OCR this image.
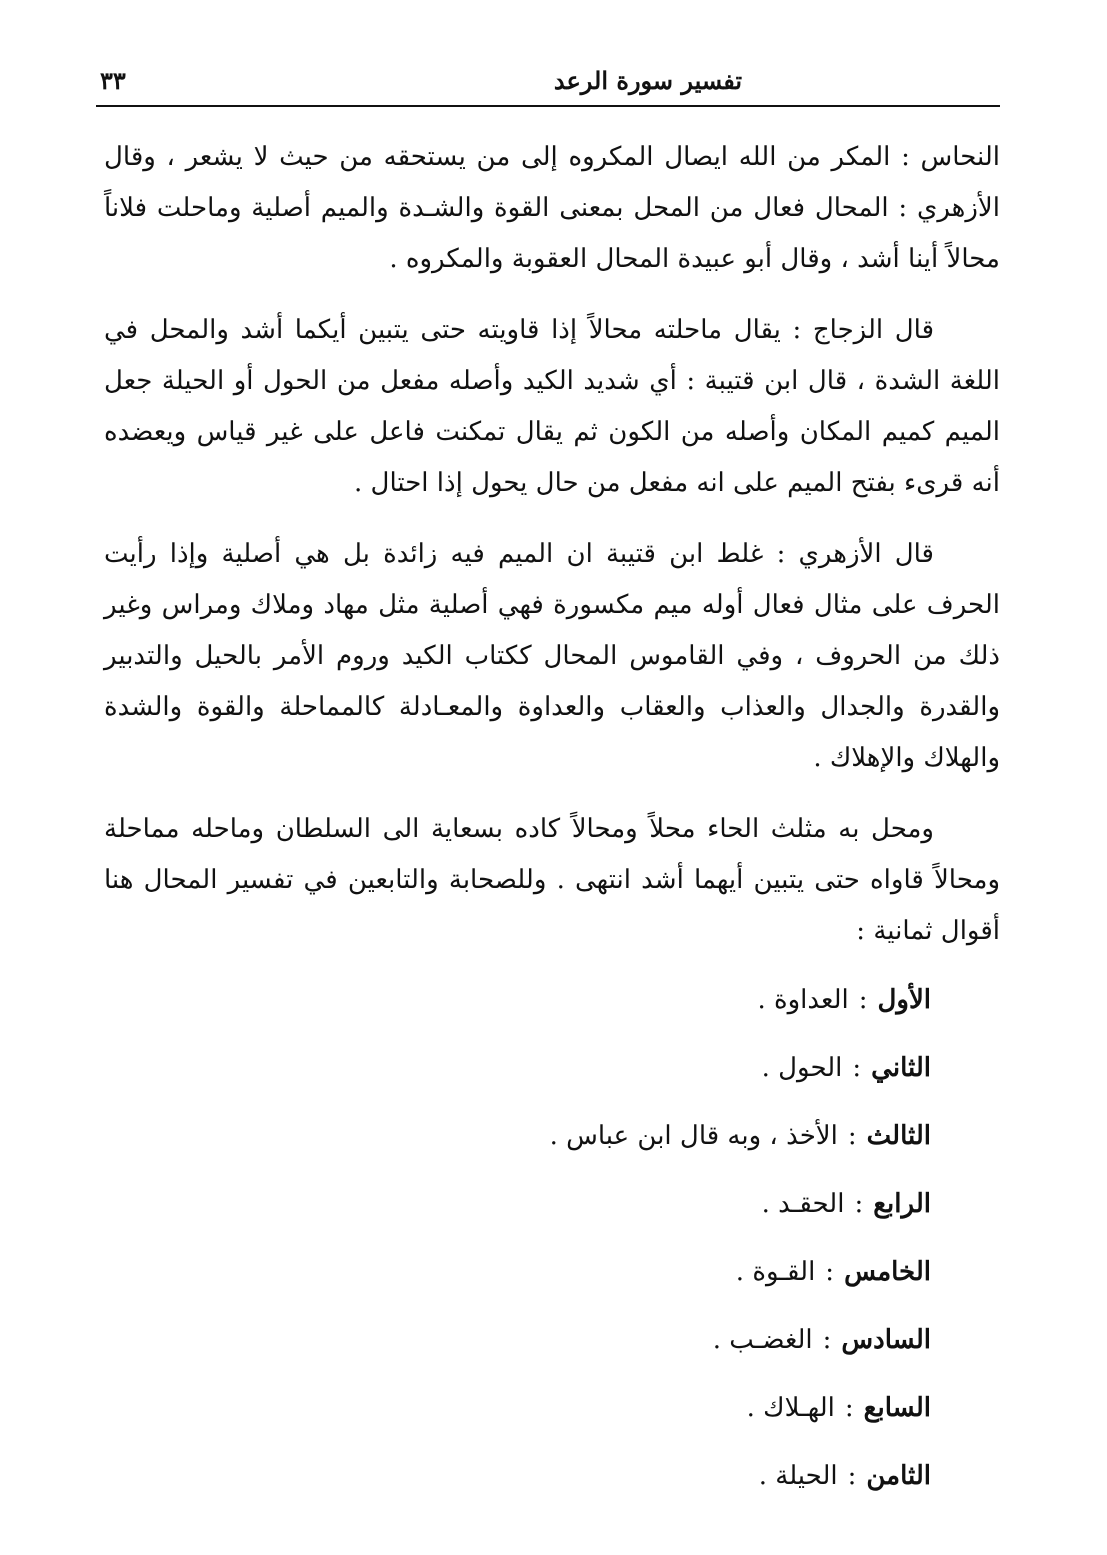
تفسير سورة الرعد
٣٣

النحاس : المكر من الله ايصال المكروه إلى من يستحقه من حيث لا يشعر ، وقال الأزهري : المحال فعال من المحل بمعنى القوة والشـدة والميم أصلية وماحلت فلاناً محالاً أينا أشد ، وقال أبو عبيدة المحال العقوبة والمكروه .

قال الزجاج : يقال ماحلته محالاً إذا قاويته حتى يتبين أيكما أشد والمحل في اللغة الشدة ، قال ابن قتيبة : أي شديد الكيد وأصله مفعل من الحول أو الحيلة جعل الميم كميم المكان وأصله من الكون ثم يقال تمكنت فاعل على غير قياس ويعضده أنه قرىء بفتح الميم على انه مفعل من حال يحول إذا احتال .

قال الأزهري : غلط ابن قتيبة ان الميم فيه زائدة بل هي أصلية وإذا رأيت الحرف على مثال فعال أوله ميم مكسورة فهي أصلية مثل مهاد وملاك ومراس وغير ذلك من الحروف ، وفي القاموس المحال ككتاب الكيد وروم الأمر بالحيل والتدبير والقدرة والجدال والعذاب والعقاب والعداوة والمعـادلة كالمماحلة والقوة والشدة والهلاك والإهلاك .

ومحل به مثلث الحاء محلاً ومحالاً كاده بسعاية الى السلطان وماحله مماحلة ومحالاً قاواه حتى يتبين أيهما أشد انتهى . وللصحابة والتابعين في تفسير المحال هنا أقوال ثمانية :

الأول:العداوة .
الثاني:الحول .
الثالث:الأخذ ، وبه قال ابن عباس .
الرابع:الحقـد .
الخامس:القـوة .
السادس:الغضـب .
السابع:الهـلاك .
الثامن:الحيلة .
